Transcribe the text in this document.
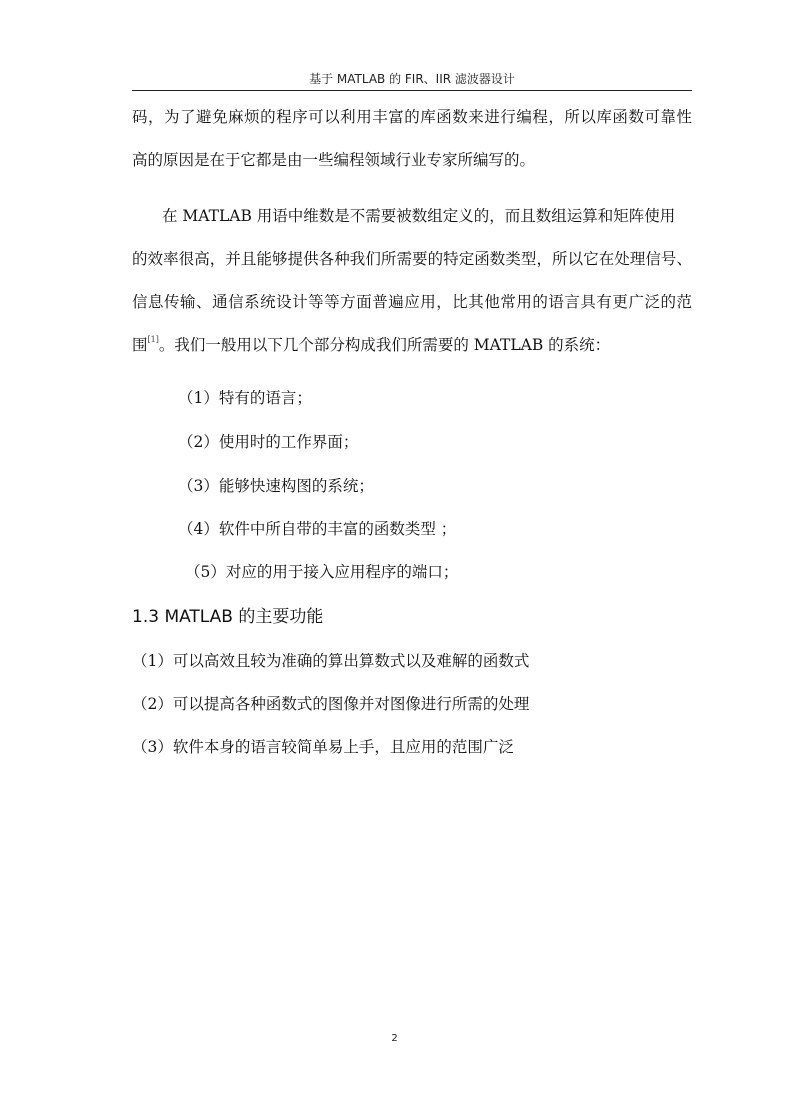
基于 MATLAB 的 FIR、IIR 滤波器设计
码，为了避免麻烦的程序可以利用丰富的库函数来进行编程，所以库函数可靠性
高的原因是在于它都是由一些编程领域行业专家所编写的。
在 MATLAB 用语中维数是不需要被数组定义的，而且数组运算和矩阵使用
的效率很高，并且能够提供各种我们所需要的特定函数类型，所以它在处理信号、
信息传输、通信系统设计等等方面普遍应用，比其他常用的语言具有更广泛的范
围[1]。我们一般用以下几个部分构成我们所需要的 MATLAB 的系统：
（1）特有的语言；
（2）使用时的工作界面；
（3）能够快速构图的系统；
（4）软件中所自带的丰富的函数类型 ；
（5）对应的用于接入应用程序的端口；
1.3 MATLAB 的主要功能
（1）可以高效且较为准确的算出算数式以及难解的函数式
（2）可以提高各种函数式的图像并对图像进行所需的处理
（3）软件本身的语言较简单易上手，且应用的范围广泛
2
